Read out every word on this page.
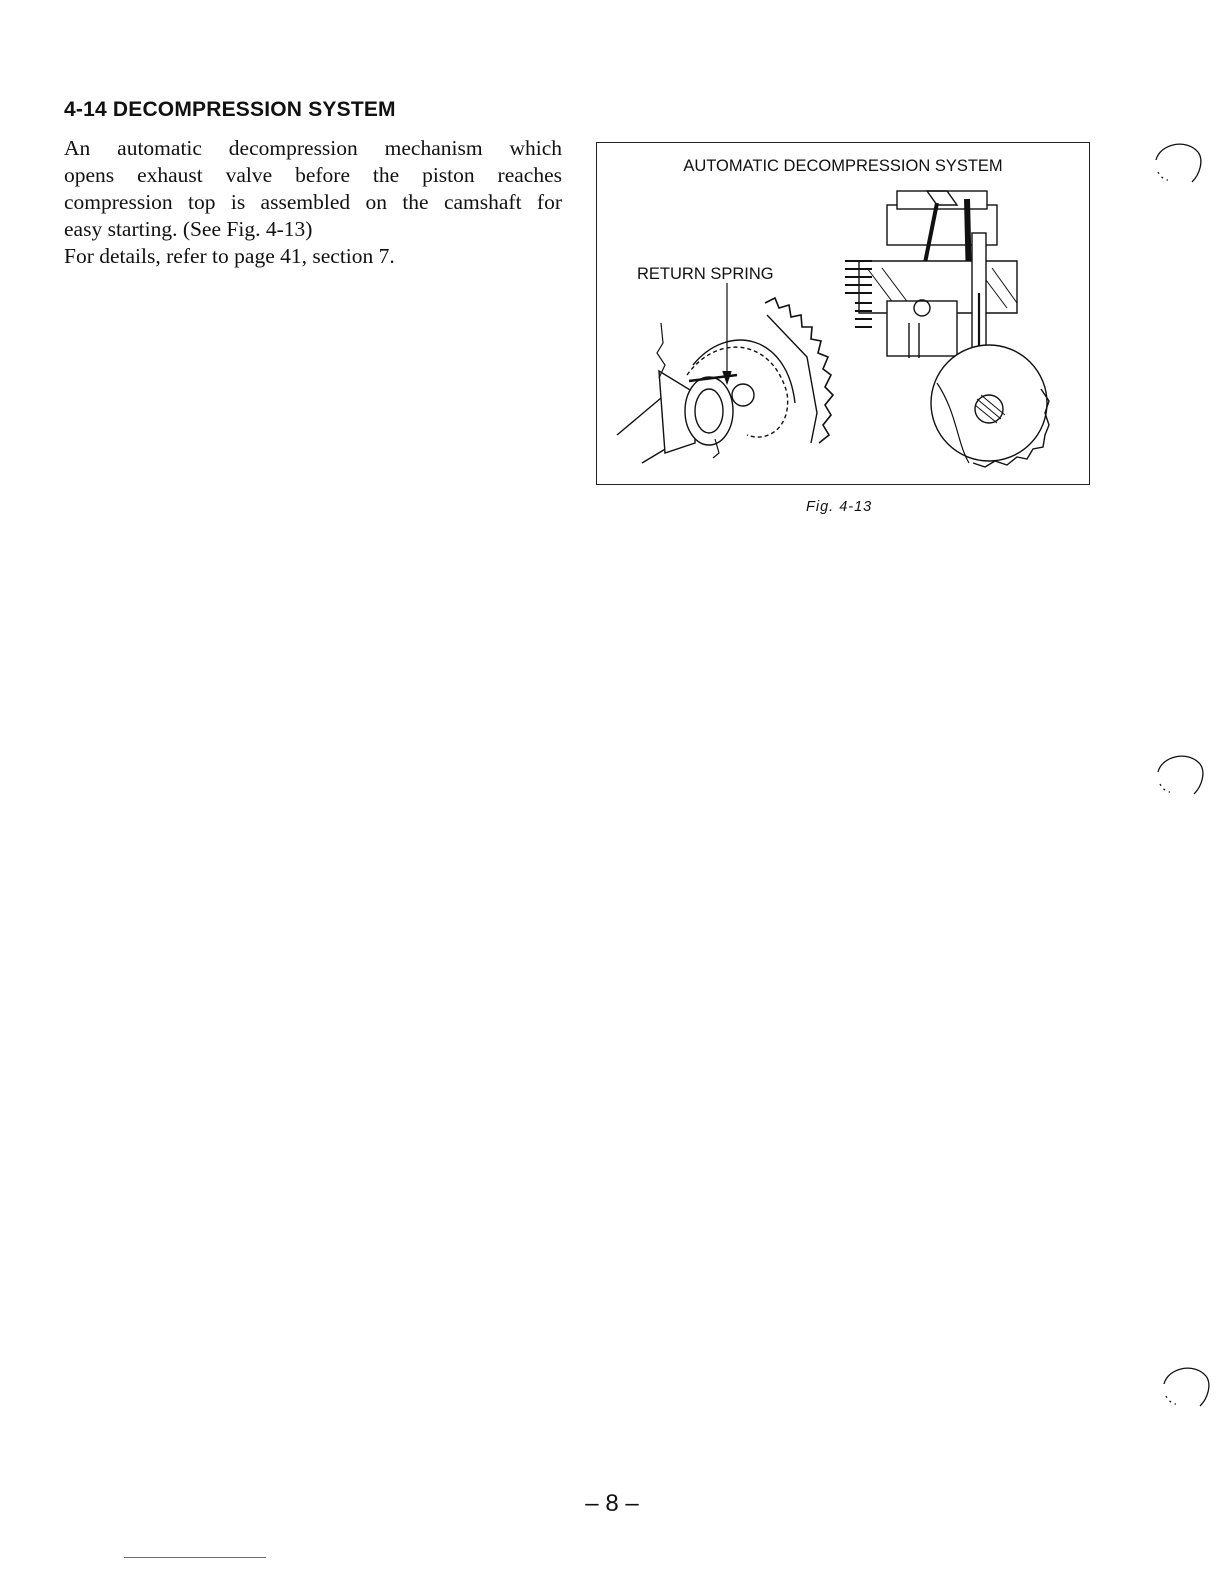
4-14 DECOMPRESSION SYSTEM

An automatic decompression mechanism which
opens exhaust valve before the piston reaches
compression top is assembled on the camshaft for
easy starting. (See Fig. 4-13)
For details, refer to page 41, section 7.

AUTOMATIC DECOMPRESSION SYSTEM
RETURN SPRING
Fig. 4-13
– 8 –
